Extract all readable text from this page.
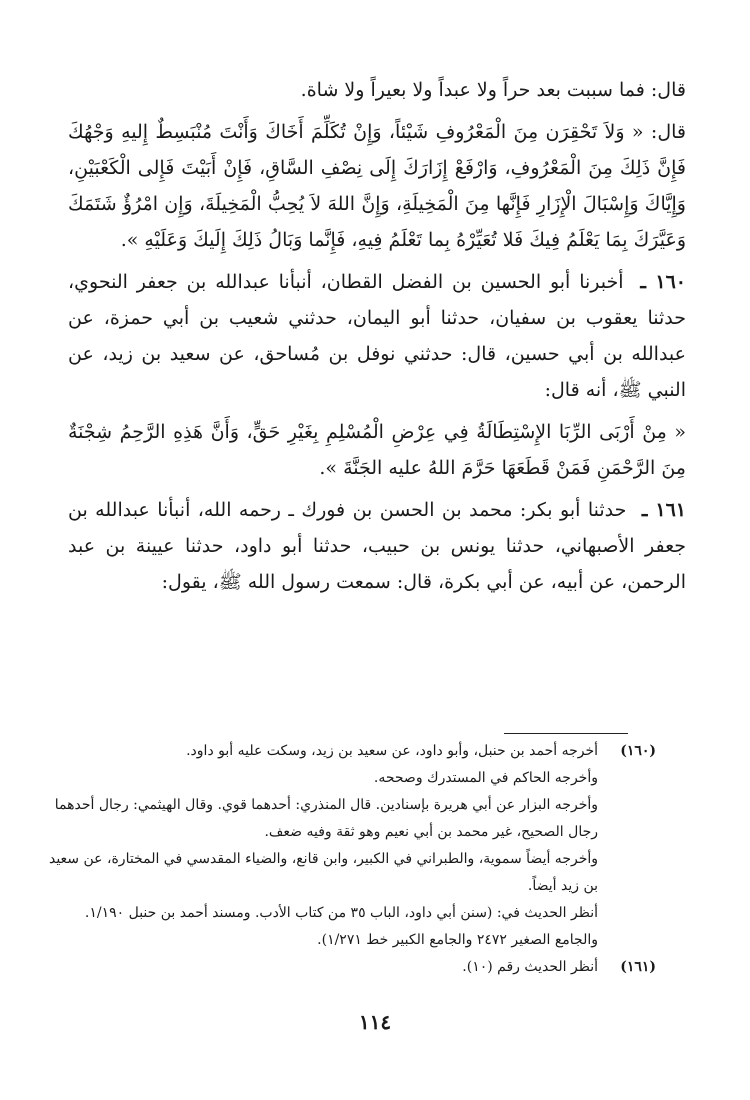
قال: فما سببت بعد حراً ولا عبداً ولا بعيراً ولا شاة.

قال: « وَلاَ تَحْقِرَن مِنَ الْمَعْرُوفِ شَيْئاً، وَإِنْ تُكَلِّمَ أَخَاكَ وَأَنْتَ مُنْبَسِطٌ إِليهِ وَجْهُكَ فَإِنَّ ذَلِكَ مِنَ الْمَعْرُوفِ، وَارْفَعْ إِزَارَكَ إِلَى نِصْفِ السَّاقِ، فَإِنْ أَبَيْتَ فَإِلى الْكَعْبَيْنِ، وَإِيَّاكَ وَإِسْبَالَ الْإِزَارِ فَإِنَّها مِنَ الْمَخِيلَةِ، وَإِنَّ اللهَ لاَ يُحِبُّ الْمَخِيلَةَ، وَإِن امْرُؤٌ شَتَمَكَ وَعَيَّرَكَ بِمَا يَعْلَمُ فِيكَ فَلا تُعَيِّرْهُ بِما تَعْلَمُ فِيهِ، فَإِنَّما وَبَالُ ذَلِكَ إِلَيكَ وَعَلَيْهِ ».

١٦٠ ـ أخبرنا أبو الحسين بن الفضل القطان، أنبأنا عبدالله بن جعفر النحوي، حدثنا يعقوب بن سفيان، حدثنا أبو اليمان، حدثني شعيب بن أبي حمزة، عن عبدالله بن أبي حسين، قال: حدثني نوفل بن مُساحق، عن سعيد بن زيد، عن النبي ﷺ، أنه قال:

« مِنْ أَرْبَى الرِّبَا الإِسْتِطَالَةُ فِي عِرْضِ الْمُسْلِمِ بِغَيْرِ حَقٍّ، وَأَنَّ هَذِهِ الرَّحِمُ شِجْنَةٌ مِنَ الرَّحْمَنِ فَمَنْ قَطَعَهَا حَرَّمَ اللهُ عليه الجَنَّةَ ».

١٦١ ـ حدثنا أبو بكر: محمد بن الحسن بن فورك ـ رحمه الله، أنبأنا عبدالله بن جعفر الأصبهاني، حدثنا يونس بن حبيب، حدثنا أبو داود، حدثنا عيينة بن عبد الرحمن، عن أبيه، عن أبي بكرة، قال: سمعت رسول الله ﷺ، يقول:

(١٦٠)
أخرجه أحمد بن حنبل، وأبو داود، عن سعيد بن زيد، وسكت عليه أبو داود.
وأخرجه الحاكم في المستدرك وصححه.
وأخرجه البزار عن أبي هريرة بإسنادين. قال المنذري: أحدهما قوي. وقال الهيثمي: رجال أحدهما رجال الصحيح، غير محمد بن أبي نعيم وهو ثقة وفيه ضعف.
وأخرجه أيضاً سموية، والطبراني في الكبير، وابن قانع، والضياء المقدسي في المختارة، عن سعيد بن زيد أيضاً.
أنظر الحديث في: (سنن أبي داود، الباب ٣٥ من كتاب الأدب. ومسند أحمد بن حنبل ١/١٩٠. والجامع الصغير ٢٤٧٢ والجامع الكبير خط ١/٢٧١).
(١٦١)
أنظر الحديث رقم (١٠).
١١٤
